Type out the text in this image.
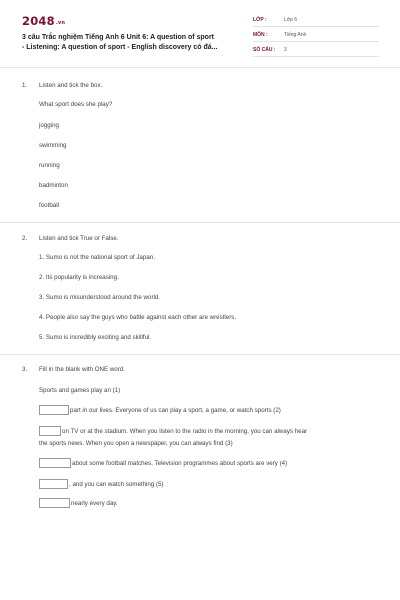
2048.vn
3 câu Trắc nghiệm Tiếng Anh 6 Unit 6: A question of sport
- Listening: A question of sport - English discovery có đá...
LỚP :	Lớp 6
MÔN :	Tiếng Anh
SỐ CÂU : 3
1. Listen and tick the box.
What sport does she play?
jogging
swimming
running
badminton
football
2. Listen and tick True or False.
1. Sumo is not the national sport of Japan.
2. Its popularity is increasing.
3. Sumo is misunderstood around the world.
4. People also say the guys who battle against each other are wrestlers.
5. Sumo is incredibly exciting and skillful.
3. Fill in the blank with ONE word.
Sports and games play an (1)
part in our lives. Everyone of us can play a sport, a game, or watch sports (2)
on TV or at the stadium. When you listen to the radio in the morning, you can always hear
the sports news. When you open a newspaper, you can always find (3)
about some football matches. Television programmes about sports are very (4)
, and you can watch something (5)
nearly every day.
